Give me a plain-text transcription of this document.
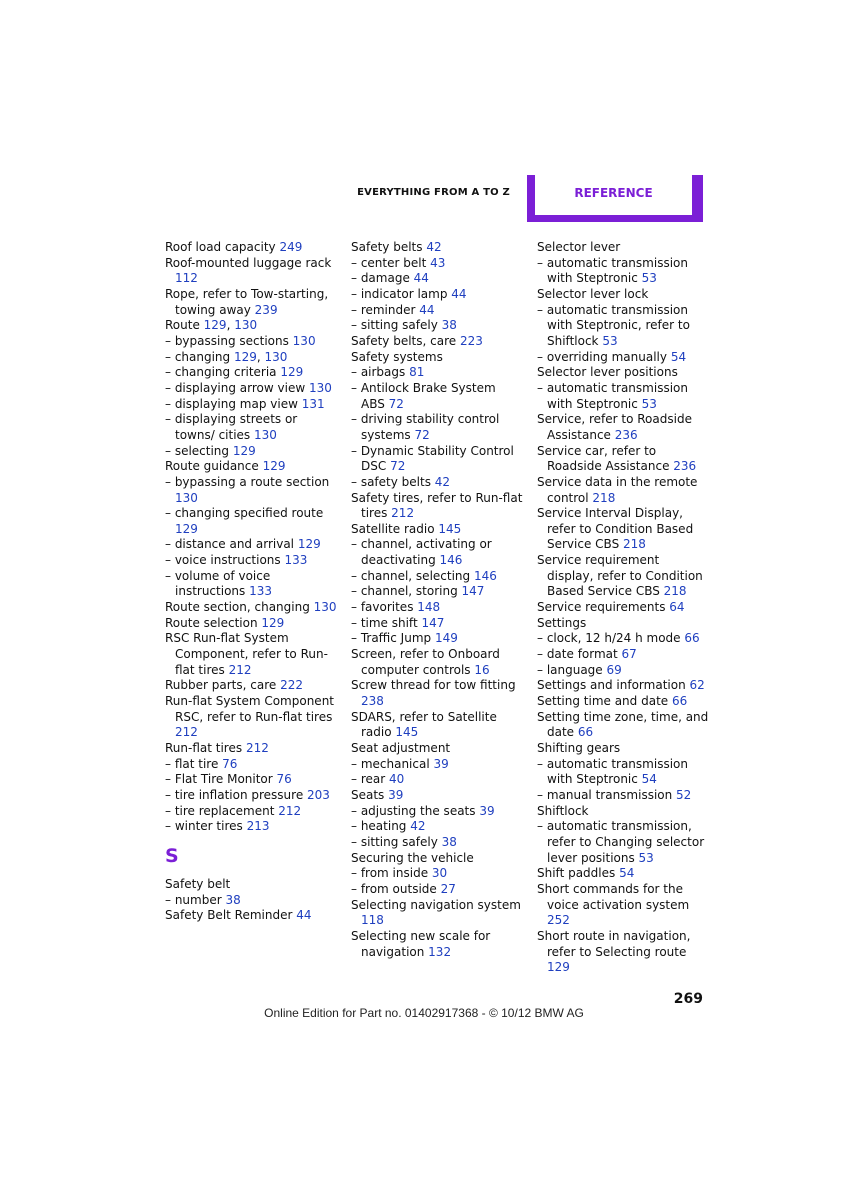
EVERYTHING FROM A TO Z	REFERENCE
Roof load capacity 249
Roof-mounted luggage rack 112
Rope, refer to Tow-starting, towing away 239
Route 129, 130
– bypassing sections 130
– changing 129, 130
– changing criteria 129
– displaying arrow view 130
– displaying map view 131
– displaying streets or towns/ cities 130
– selecting 129
Route guidance 129
– bypassing a route section 130
– changing specified route 129
– distance and arrival 129
– voice instructions 133
– volume of voice instructions 133
Route section, changing 130
Route selection 129
RSC Run-flat System Component, refer to Run-flat tires 212
Rubber parts, care 222
Run-flat System Component RSC, refer to Run-flat tires 212
Run-flat tires 212
– flat tire 76
– Flat Tire Monitor 76
– tire inflation pressure 203
– tire replacement 212
– winter tires 213
S
Safety belt
– number 38
Safety Belt Reminder 44
Safety belts 42
– center belt 43
– damage 44
– indicator lamp 44
– reminder 44
– sitting safely 38
Safety belts, care 223
Safety systems
– airbags 81
– Antilock Brake System ABS 72
– driving stability control systems 72
– Dynamic Stability Control DSC 72
– safety belts 42
Safety tires, refer to Run-flat tires 212
Satellite radio 145
– channel, activating or deactivating 146
– channel, selecting 146
– channel, storing 147
– favorites 148
– time shift 147
– Traffic Jump 149
Screen, refer to Onboard computer controls 16
Screw thread for tow fitting 238
SDARS, refer to Satellite radio 145
Seat adjustment
– mechanical 39
– rear 40
Seats 39
– adjusting the seats 39
– heating 42
– sitting safely 38
Securing the vehicle
– from inside 30
– from outside 27
Selecting navigation system 118
Selecting new scale for navigation 132
Selector lever
– automatic transmission with Steptronic 53
Selector lever lock
– automatic transmission with Steptronic, refer to Shiftlock 53
– overriding manually 54
Selector lever positions
– automatic transmission with Steptronic 53
Service, refer to Roadside Assistance 236
Service car, refer to Roadside Assistance 236
Service data in the remote control 218
Service Interval Display, refer to Condition Based Service CBS 218
Service requirement display, refer to Condition Based Service CBS 218
Service requirements 64
Settings
– clock, 12 h/24 h mode 66
– date format 67
– language 69
Settings and information 62
Setting time and date 66
Setting time zone, time, and date 66
Shifting gears
– automatic transmission with Steptronic 54
– manual transmission 52
Shiftlock
– automatic transmission, refer to Changing selector lever positions 53
Shift paddles 54
Short commands for the voice activation system 252
Short route in navigation, refer to Selecting route 129
269
Online Edition for Part no. 01402917368 - © 10/12 BMW AG
